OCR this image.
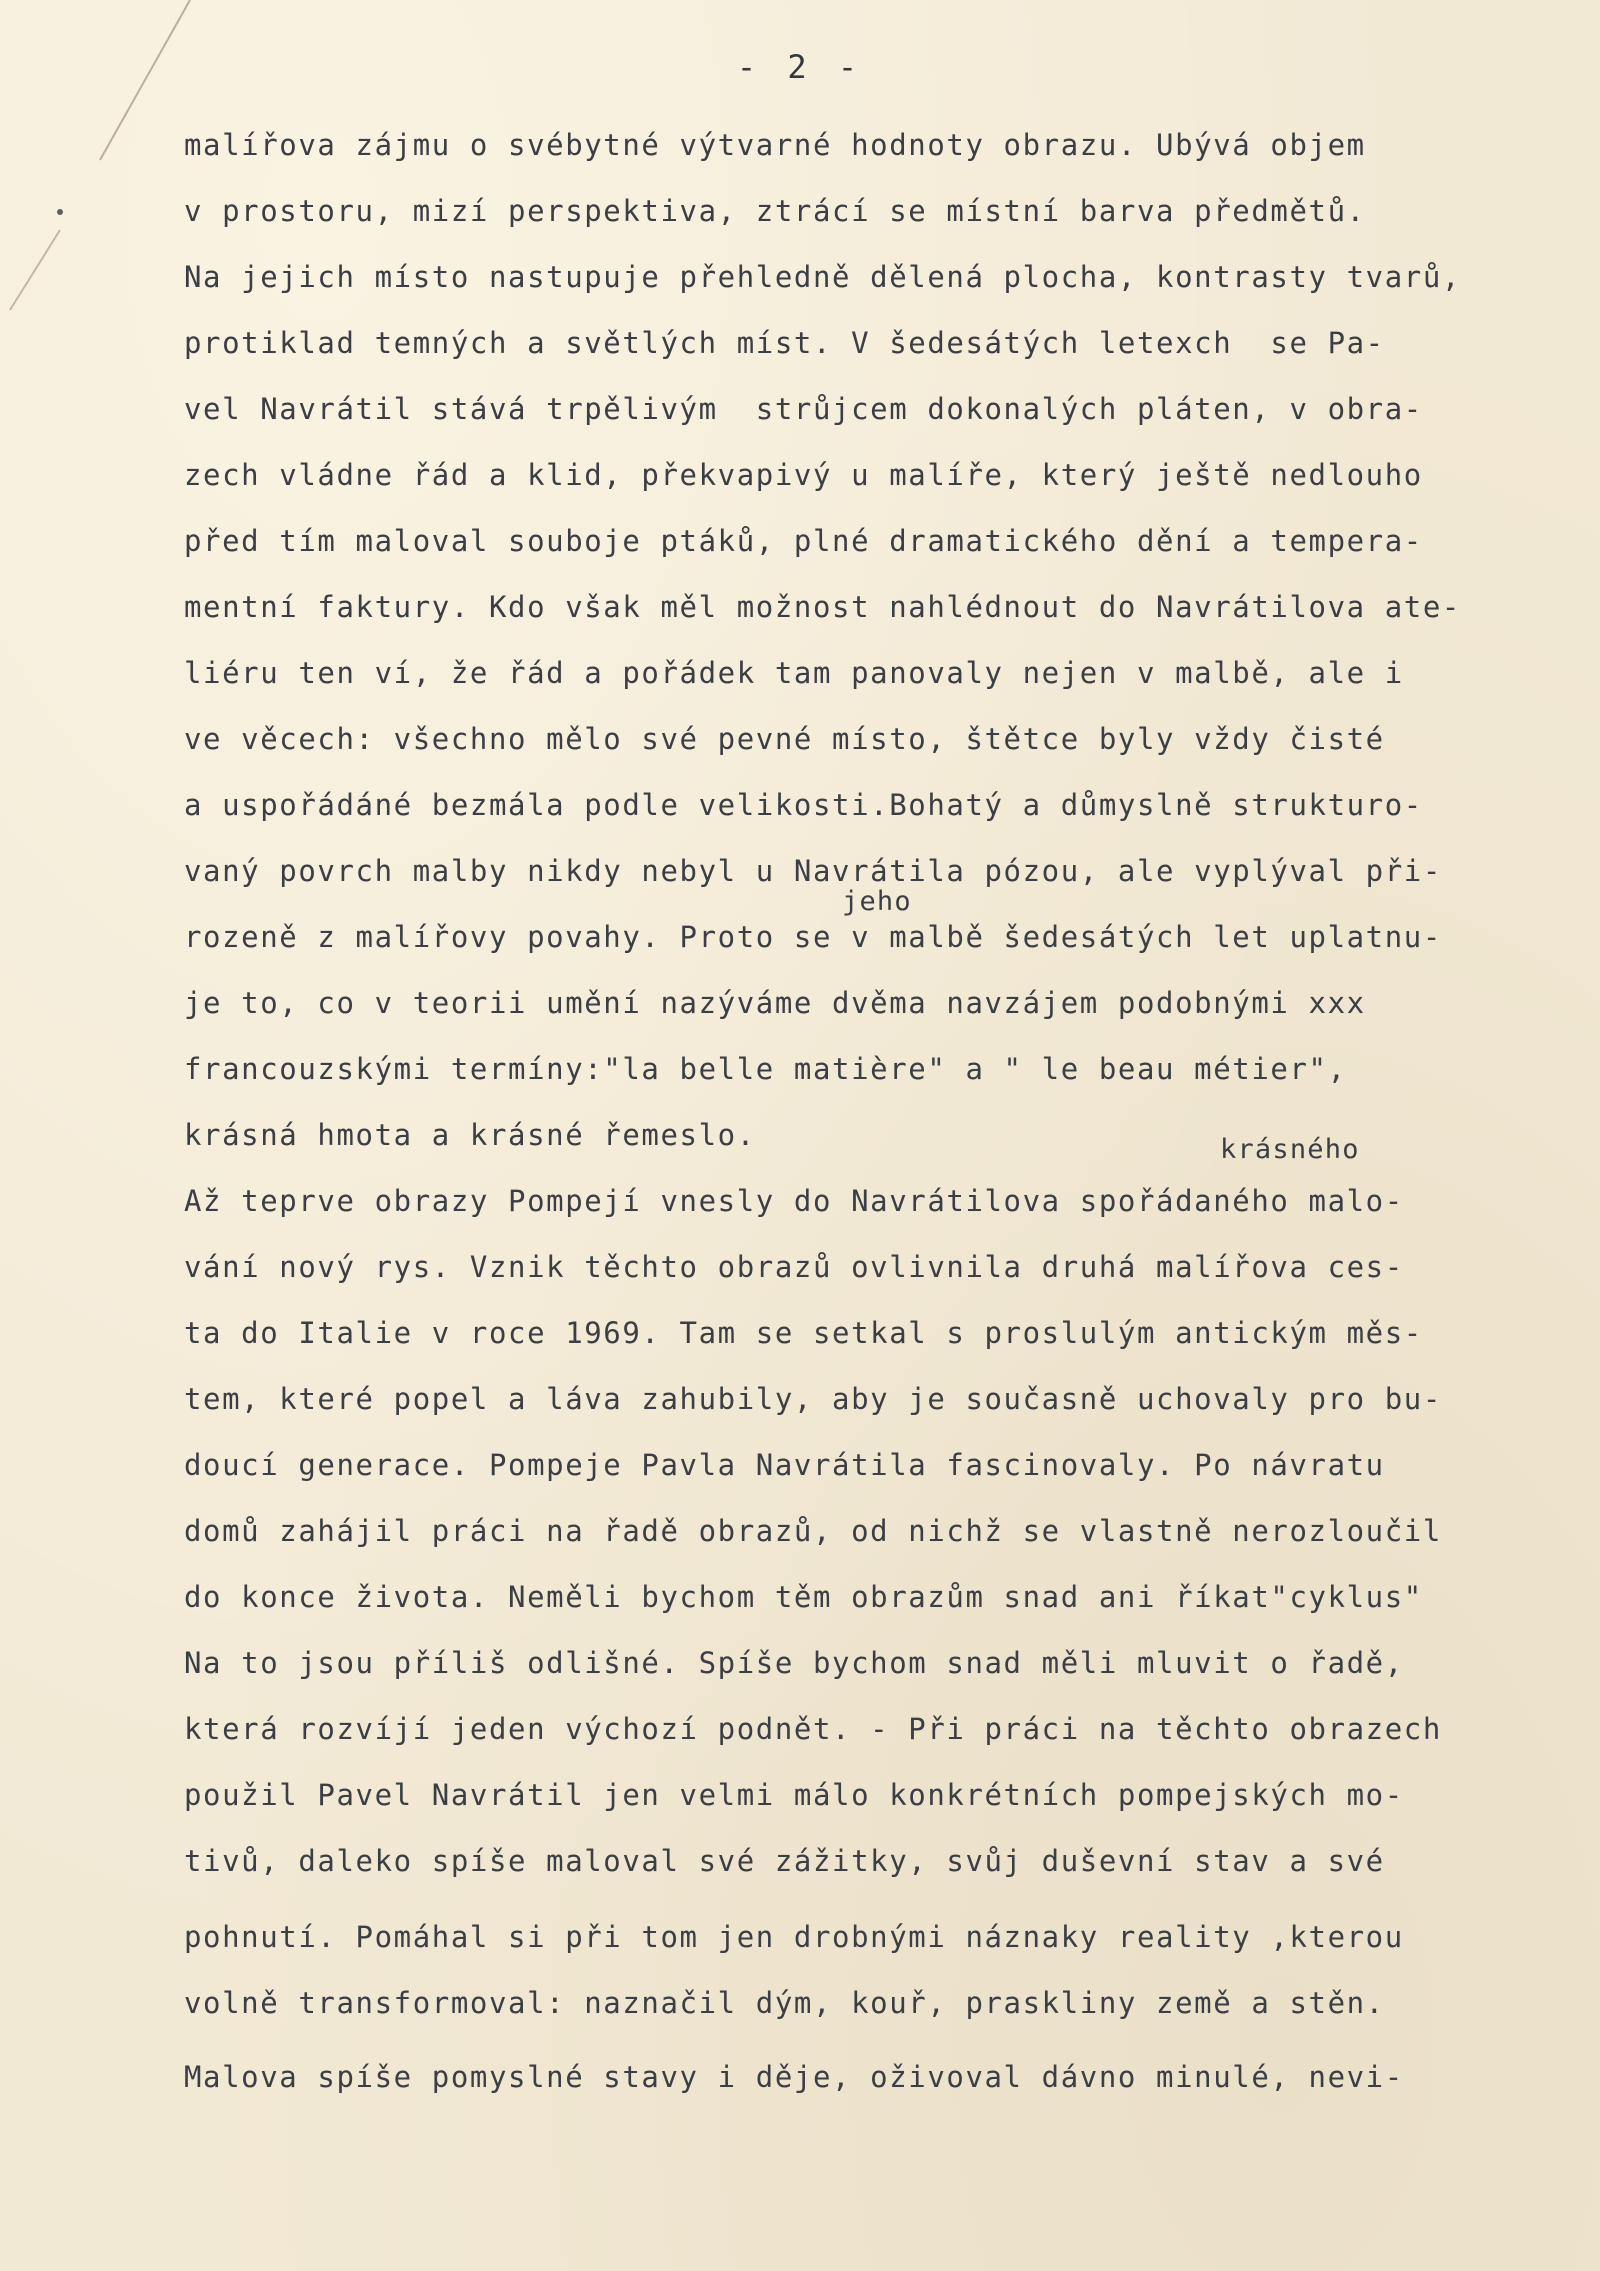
- 2 -
malířova zájmu o svébytné výtvarné hodnoty obrazu. Ubývá objem
v prostoru, mizí perspektiva, ztrácí se místní barva předmětů.
Na jejich místo nastupuje přehledně dělená plocha, kontrasty tvarů,
protiklad temných a světlých míst. V šedesátých letexch  se Pa-
vel Navrátil stává trpělivým  strůjcem dokonalých pláten, v obra-
zech vládne řád a klid, překvapivý u malíře, který ještě nedlouho
před tím maloval souboje ptáků, plné dramatického dění a tempera-
mentní faktury. Kdo však měl možnost nahlédnout do Navrátilova ate-
liéru ten ví, že řád a pořádek tam panovaly nejen v malbě, ale i
ve věcech: všechno mělo své pevné místo, štětce byly vždy čisté
a uspořádáné bezmála podle velikosti.Bohatý a důmyslně strukturo-
vaný povrch malby nikdy nebyl u Navrátila pózou, ale vyplýval při-
jeho
rozeně z malířovy povahy. Proto se v malbě šedesátých let uplatnu-
je to, co v teorii umění nazýváme dvěma navzájem podobnými xxx
francouzskými termíny:"la belle matière" a " le beau métier",
krásná hmota a krásné řemeslo.	krásného
Až teprve obrazy Pompejí vnesly do Navrátilova spořádaného malo-
vání nový rys. Vznik těchto obrazů ovlivnila druhá malířova ces-
ta do Italie v roce 1969. Tam se setkal s proslulým antickým měs-
tem, které popel a láva zahubily, aby je současně uchovaly pro bu-
doucí generace. Pompeje Pavla Navrátila fascinovaly. Po návratu
domů zahájil práci na řadě obrazů, od nichž se vlastně nerozloučil
do konce života. Neměli bychom těm obrazům snad ani říkat"cyklus"
Na to jsou příliš odlišné. Spíše bychom snad měli mluvit o řadě,
která rozvíjí jeden výchozí podnět. - Při práci na těchto obrazech
použil Pavel Navrátil jen velmi málo konkrétních pompejských mo-
tivů, daleko spíše maloval své zážitky, svůj duševní stav a své
pohnutí. Pomáhal si při tom jen drobnými náznaky reality ,kterou
volně transformoval: naznačil dým, kouř, praskliny země a stěn.
Malova spíše pomyslné stavy i děje, oživoval dávno minulé, nevi-
